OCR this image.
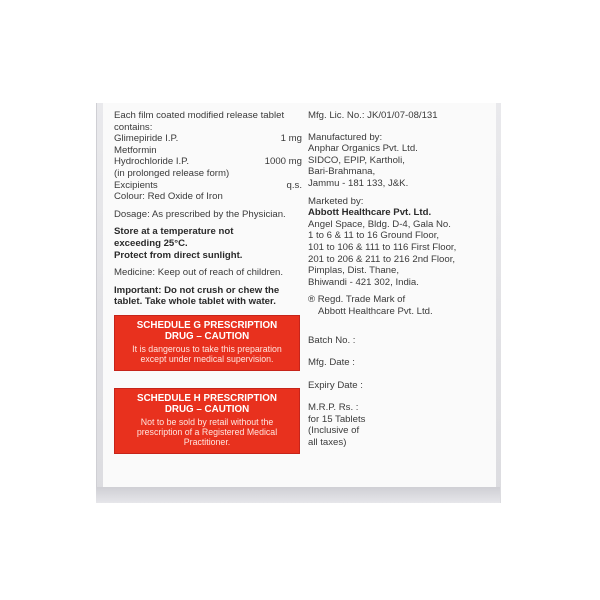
Each film coated modified release tablet
contains:
Glimepiride I.P.	1 mg
Metformin
Hydrochloride I.P.	1000 mg
(in prolonged release form)
Excipients	q.s.
Colour: Red Oxide of Iron
Dosage: As prescribed by the Physician.
Store at a temperature not
exceeding 25°C.
Protect from direct sunlight.
Medicine: Keep out of reach of children.
Important: Do not crush or chew the
tablet. Take whole tablet with water.
SCHEDULE G PRESCRIPTION
DRUG – CAUTION
It is dangerous to take this preparation
except under medical supervision.
SCHEDULE H PRESCRIPTION
DRUG – CAUTION
Not to be sold by retail without the
prescription of a Registered Medical
Practitioner.
Mfg. Lic. No.: JK/01/07-08/131
Manufactured by:
Anphar Organics Pvt. Ltd.
SIDCO, EPIP, Kartholi,
Bari-Brahmana,
Jammu - 181 133, J&K.
Marketed by:
Abbott Healthcare Pvt. Ltd.
Angel Space, Bldg. D-4, Gala No.
1 to 6 & 11 to 16 Ground Floor,
101 to 106 & 111 to 116 First Floor,
201 to 206 & 211 to 216 2nd Floor,
Pimplas, Dist. Thane,
Bhiwandi - 421 302, India.
® Regd. Trade Mark of
Abbott Healthcare Pvt. Ltd.
Batch No. :
Mfg. Date :
Expiry Date :
M.R.P. Rs. :
for 15 Tablets
(Inclusive of
all taxes)
